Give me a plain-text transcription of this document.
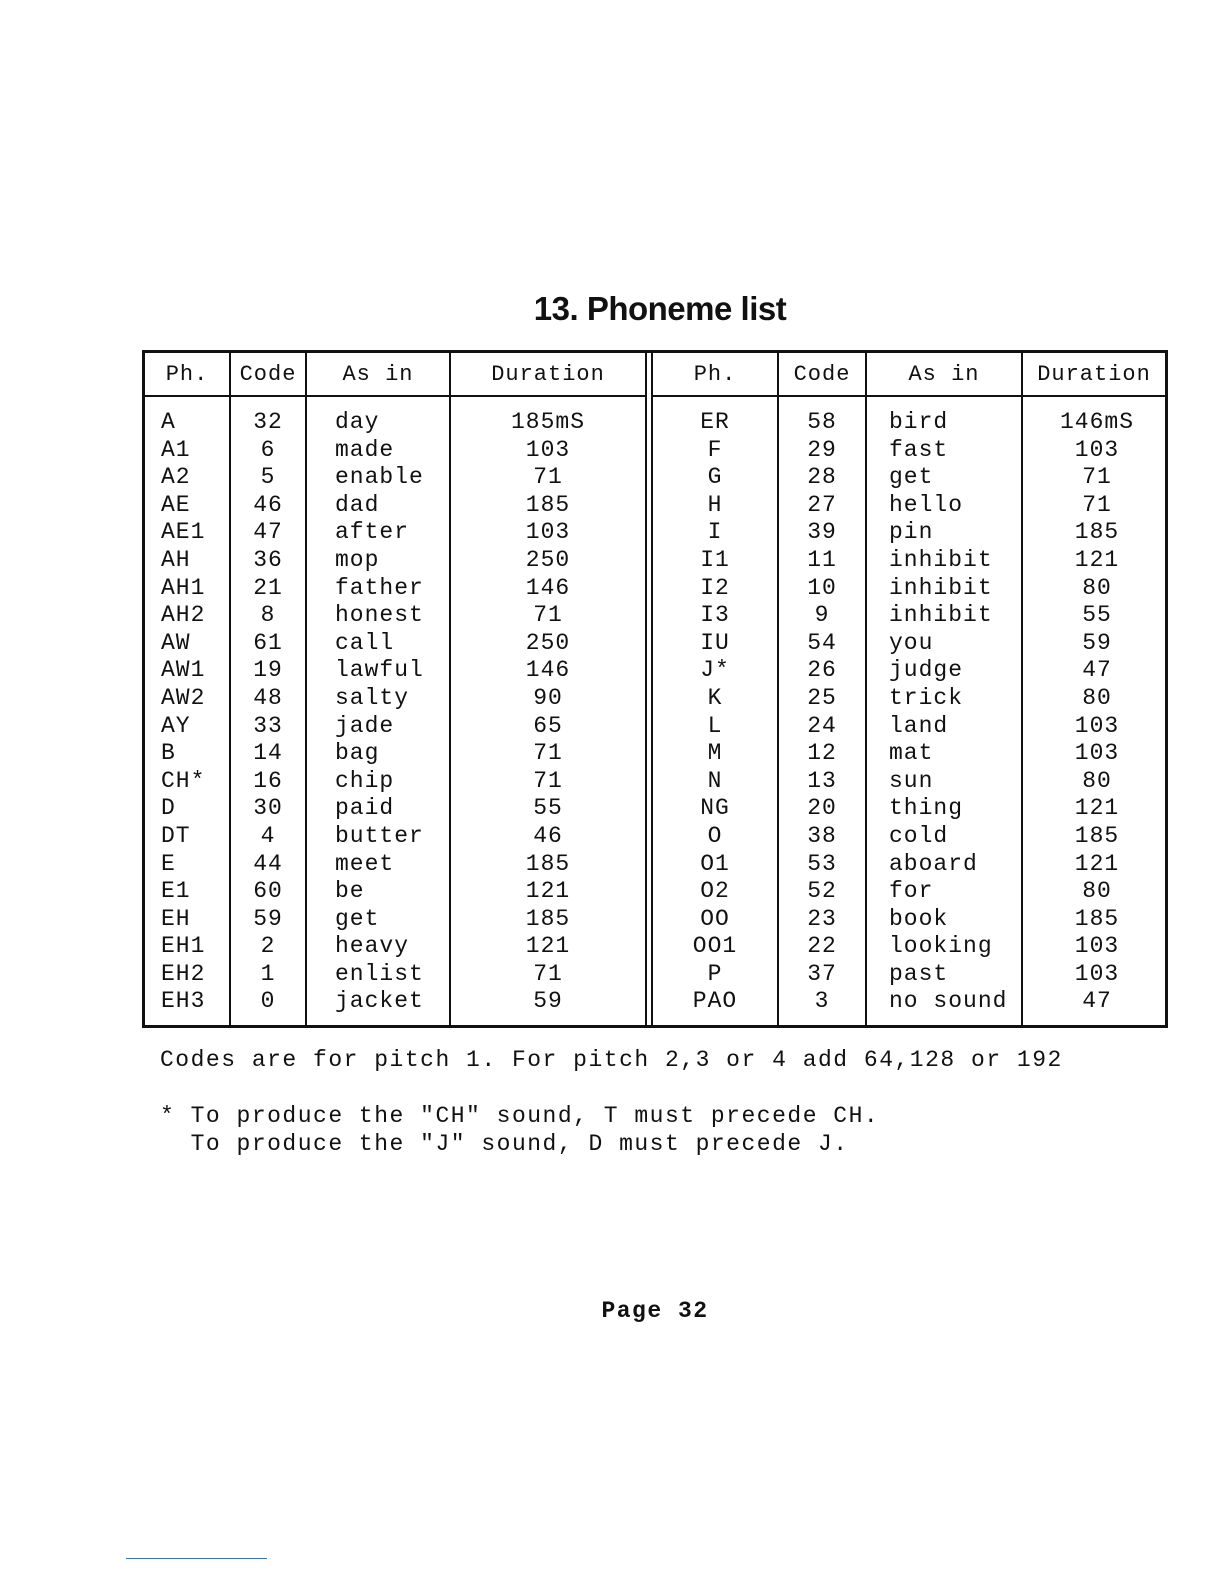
13. Phoneme list
Ph.
A
A1
A2
AE
AE1
AH
AH1
AH2
AW
AW1
AW2
AY
B
CH*
D
DT
E
E1
EH
EH1
EH2
EH3
Code
32
6
5
46
47
36
21
8
61
19
48
33
14
16
30
4
44
60
59
2
1
0
As in
day
made
enable
dad
after
mop
father
honest
call
lawful
salty
jade
bag
chip
paid
butter
meet
be
get
heavy
enlist
jacket
Duration
185mS
103
71
185
103
250
146
71
250
146
90
65
71
71
55
46
185
121
185
121
71
59
Ph.
ER
F
G
H
I
I1
I2
I3
IU
J*
K
L
M
N
NG
O
O1
O2
OO
OO1
P
PAO
Code
58
29
28
27
39
11
10
9
54
26
25
24
12
13
20
38
53
52
23
22
37
3
As in
bird
fast
get
hello
pin
inhibit
inhibit
inhibit
you
judge
trick
land
mat
sun
thing
cold
aboard
for
book
looking
past
no sound
Duration
146mS
103
71
71
185
121
80
55
59
47
80
103
103
80
121
185
121
80
185
103
103
47
Codes are for pitch 1. For pitch 2,3 or 4 add 64,128 or 192
* To produce the "CH" sound, T must precede CH.
To produce the "J" sound, D must precede J.
Page 32
